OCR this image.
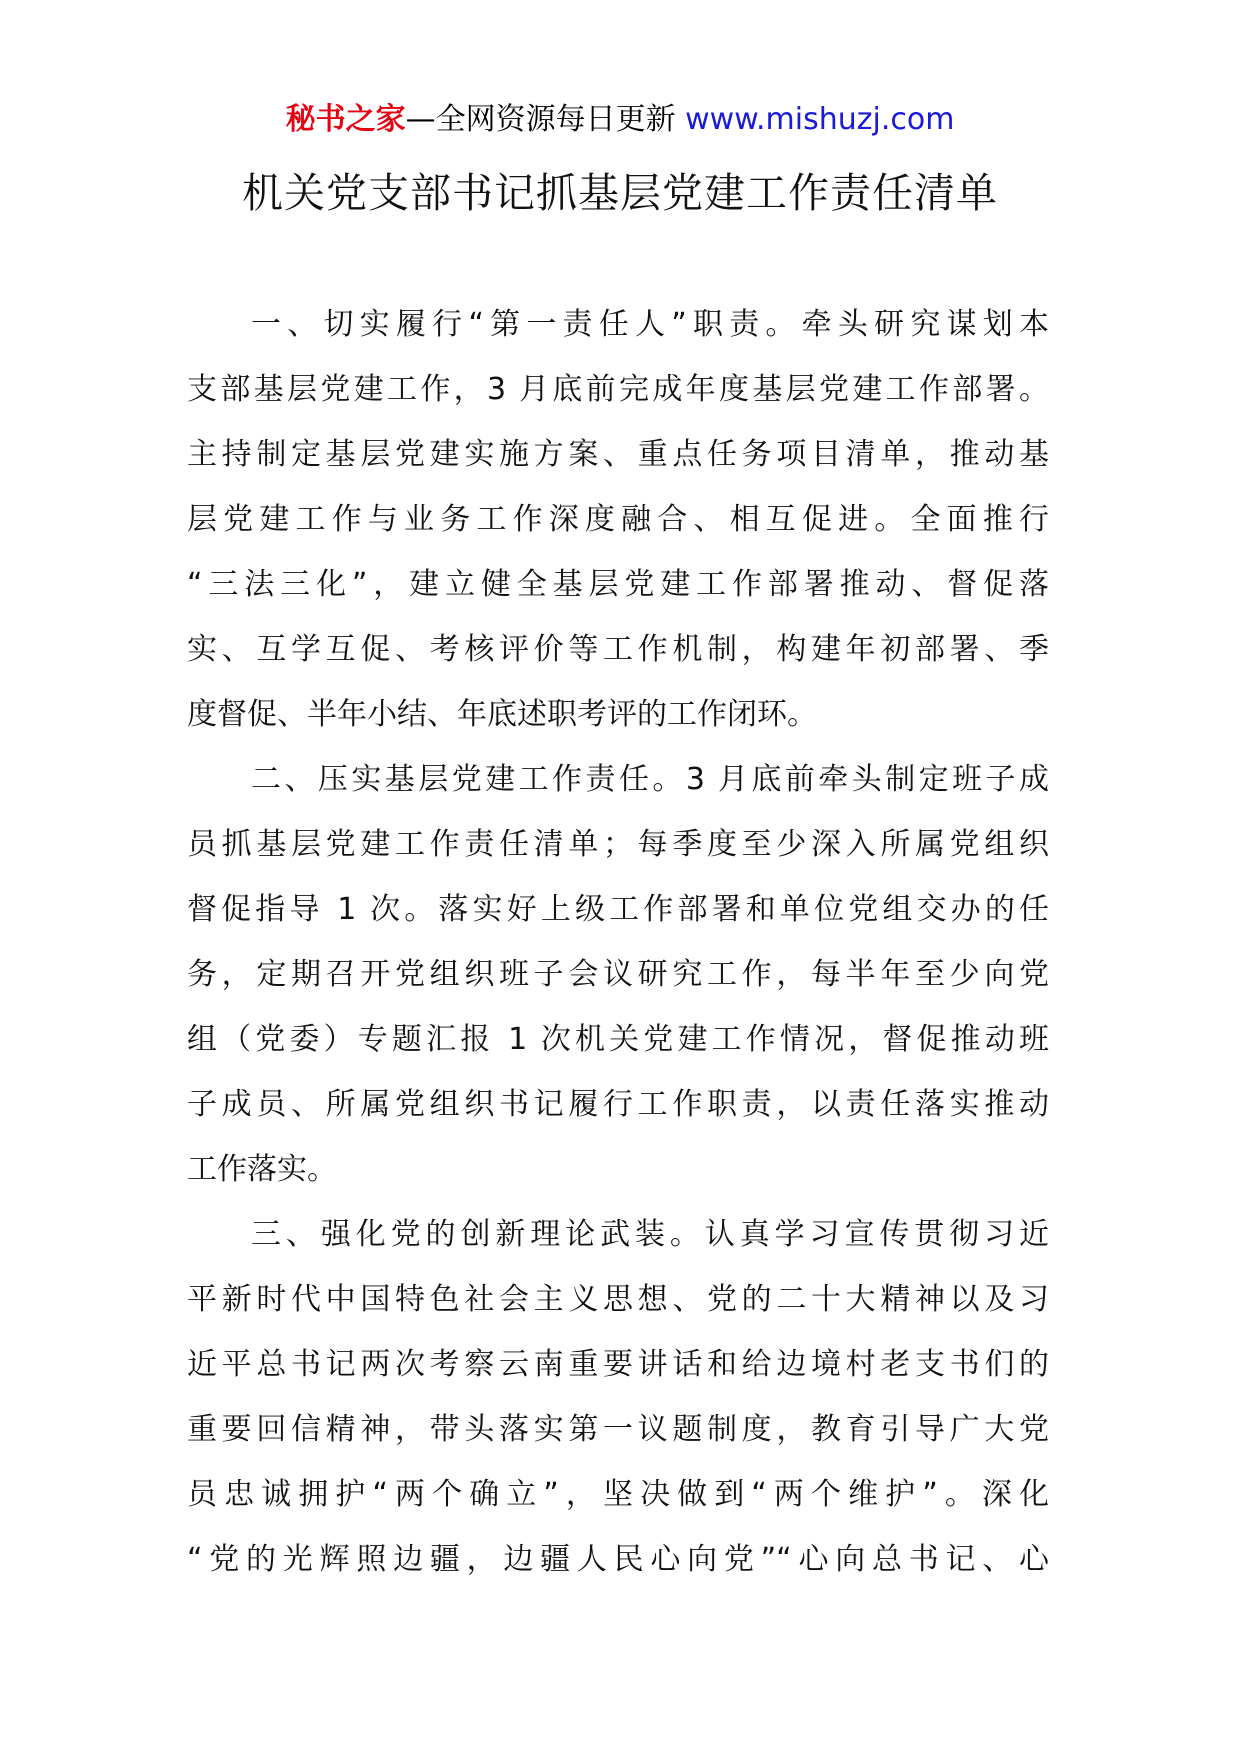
秘书之家—全网资源每日更新 www.mishuzj.com
机关党支部书记抓基层党建工作责任清单
一、切实履行“第一责任人”职责。牵头研究谋划本
支部基层党建工作，3 月底前完成年度基层党建工作部署。
主持制定基层党建实施方案、重点任务项目清单，推动基
层党建工作与业务工作深度融合、相互促进。全面推行
“三法三化”，建立健全基层党建工作部署推动、督促落
实、互学互促、考核评价等工作机制，构建年初部署、季
度督促、半年小结、年底述职考评的工作闭环。
二、压实基层党建工作责任。3 月底前牵头制定班子成
员抓基层党建工作责任清单；每季度至少深入所属党组织
督促指导 1 次。落实好上级工作部署和单位党组交办的任
务，定期召开党组织班子会议研究工作，每半年至少向党
组（党委）专题汇报 1 次机关党建工作情况，督促推动班
子成员、所属党组织书记履行工作职责，以责任落实推动
工作落实。
三、强化党的创新理论武装。认真学习宣传贯彻习近
平新时代中国特色社会主义思想、党的二十大精神以及习
近平总书记两次考察云南重要讲话和给边境村老支书们的
重要回信精神，带头落实第一议题制度，教育引导广大党
员忠诚拥护“两个确立”，坚决做到“两个维护”。深化
“党的光辉照边疆，边疆人民心向党”“心向总书记、心
